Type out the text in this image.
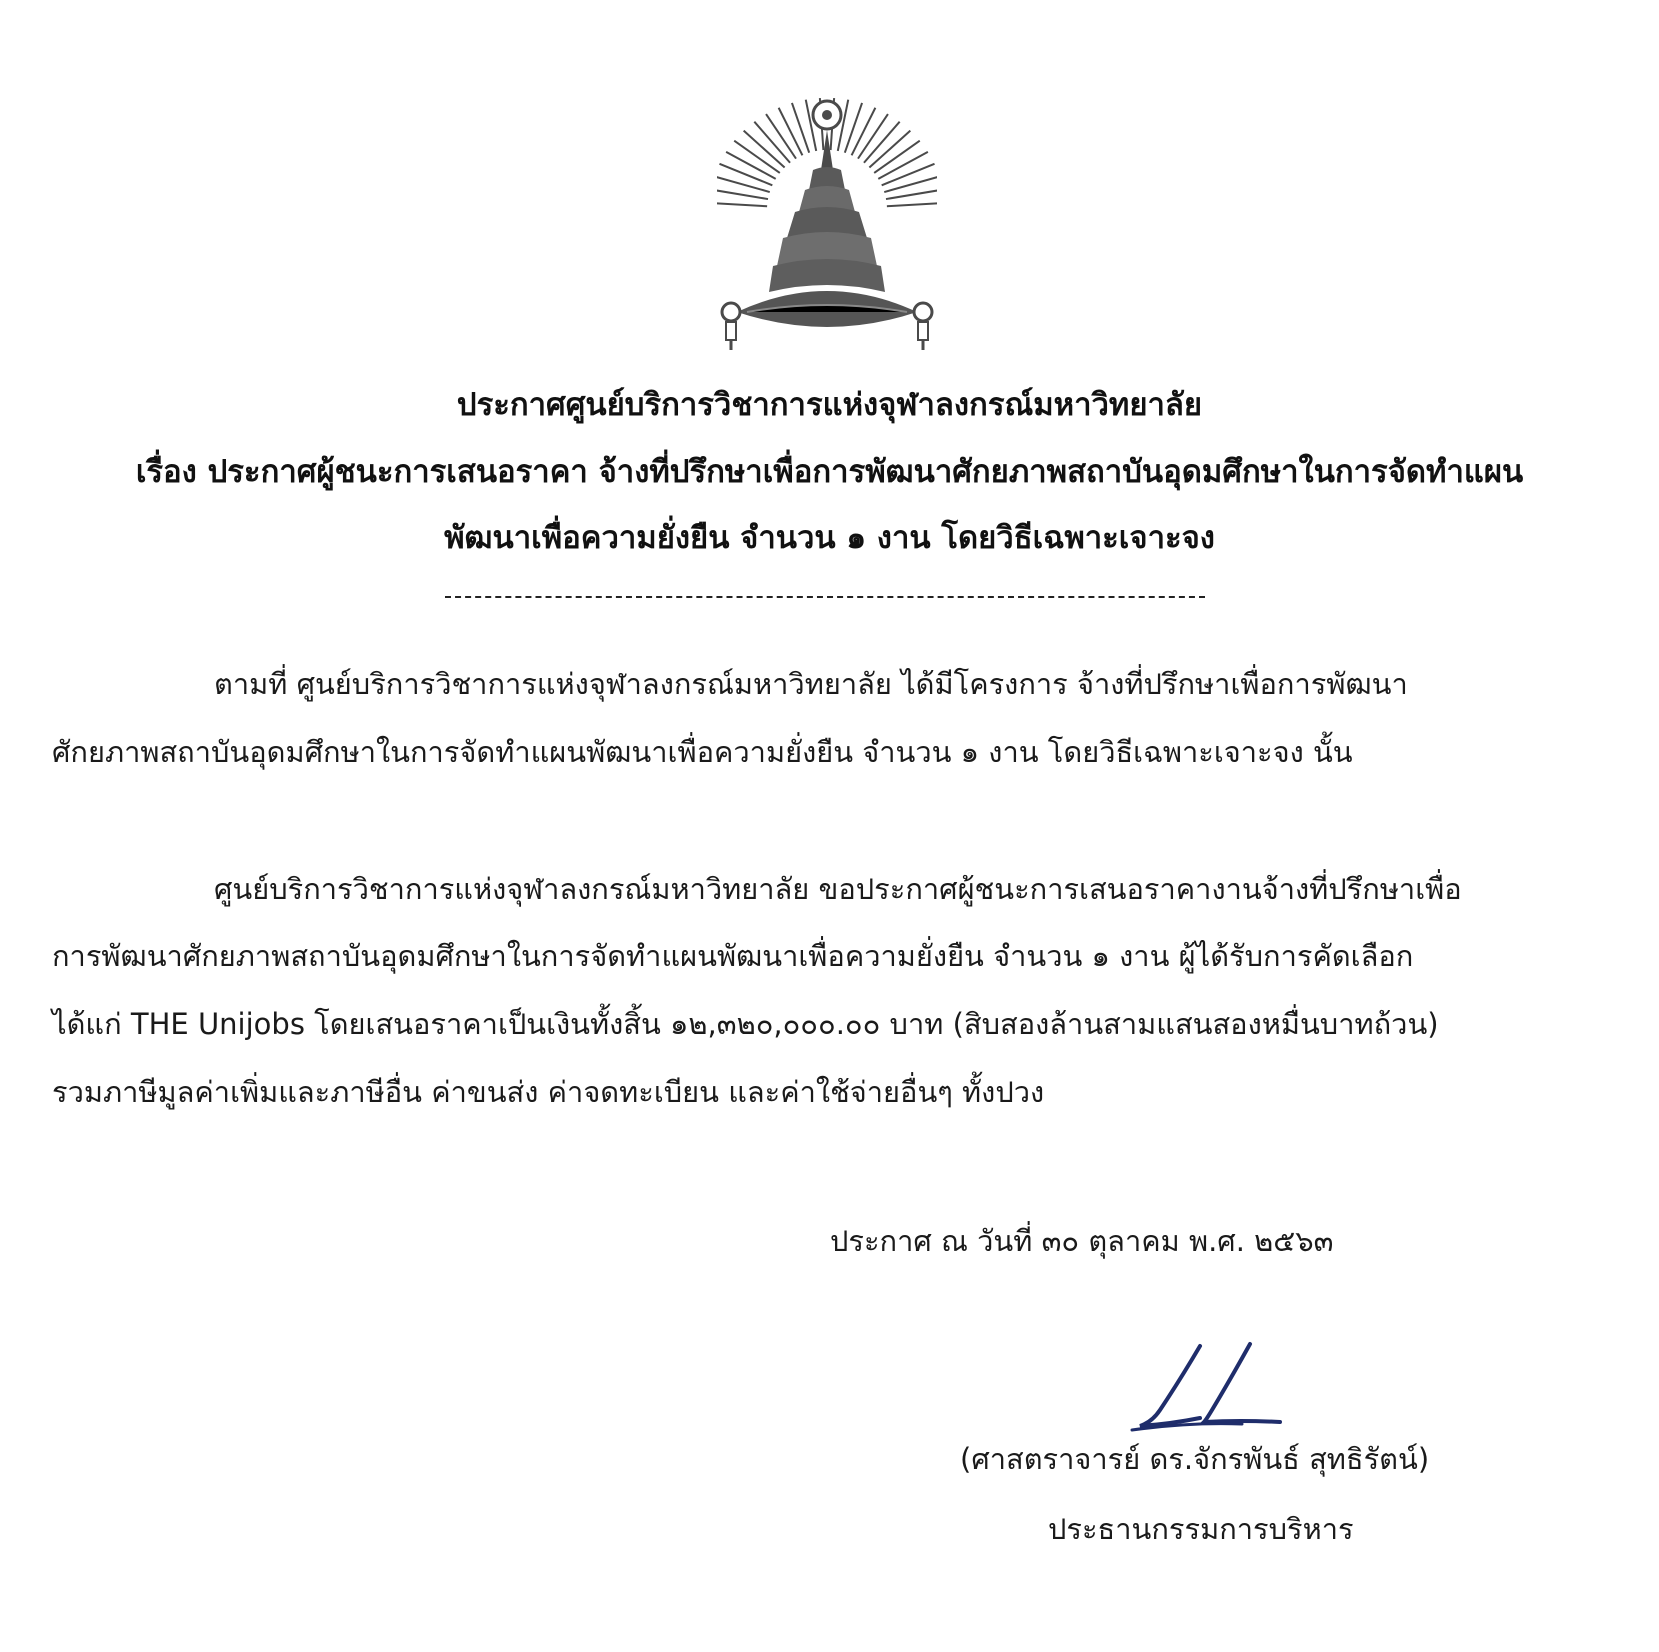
ประกาศศูนย์บริการวิชาการแห่งจุฬาลงกรณ์มหาวิทยาลัย
เรื่อง ประกาศผู้ชนะการเสนอราคา จ้างที่ปรึกษาเพื่อการพัฒนาศักยภาพสถาบันอุดมศึกษาในการจัดทำแผน
พัฒนาเพื่อความยั่งยืน จำนวน ๑ งาน โดยวิธีเฉพาะเจาะจง
ตามที่ ศูนย์บริการวิชาการแห่งจุฬาลงกรณ์มหาวิทยาลัย ได้มีโครงการ จ้างที่ปรึกษาเพื่อการพัฒนา
ศักยภาพสถาบันอุดมศึกษาในการจัดทำแผนพัฒนาเพื่อความยั่งยืน จำนวน ๑ งาน โดยวิธีเฉพาะเจาะจง นั้น
ศูนย์บริการวิชาการแห่งจุฬาลงกรณ์มหาวิทยาลัย ขอประกาศผู้ชนะการเสนอราคางานจ้างที่ปรึกษาเพื่อ
การพัฒนาศักยภาพสถาบันอุดมศึกษาในการจัดทำแผนพัฒนาเพื่อความยั่งยืน จำนวน ๑ งาน ผู้ได้รับการคัดเลือก
ได้แก่ THE Unijobs โดยเสนอราคาเป็นเงินทั้งสิ้น ๑๒,๓๒๐,๐๐๐.๐๐ บาท (สิบสองล้านสามแสนสองหมื่นบาทถ้วน)
รวมภาษีมูลค่าเพิ่มและภาษีอื่น ค่าขนส่ง ค่าจดทะเบียน และค่าใช้จ่ายอื่นๆ ทั้งปวง
ประกาศ ณ วันที่ ๓๐ ตุลาคม พ.ศ. ๒๕๖๓
(ศาสตราจารย์ ดร.จักรพันธ์ สุทธิรัตน์)
ประธานกรรมการบริหาร
